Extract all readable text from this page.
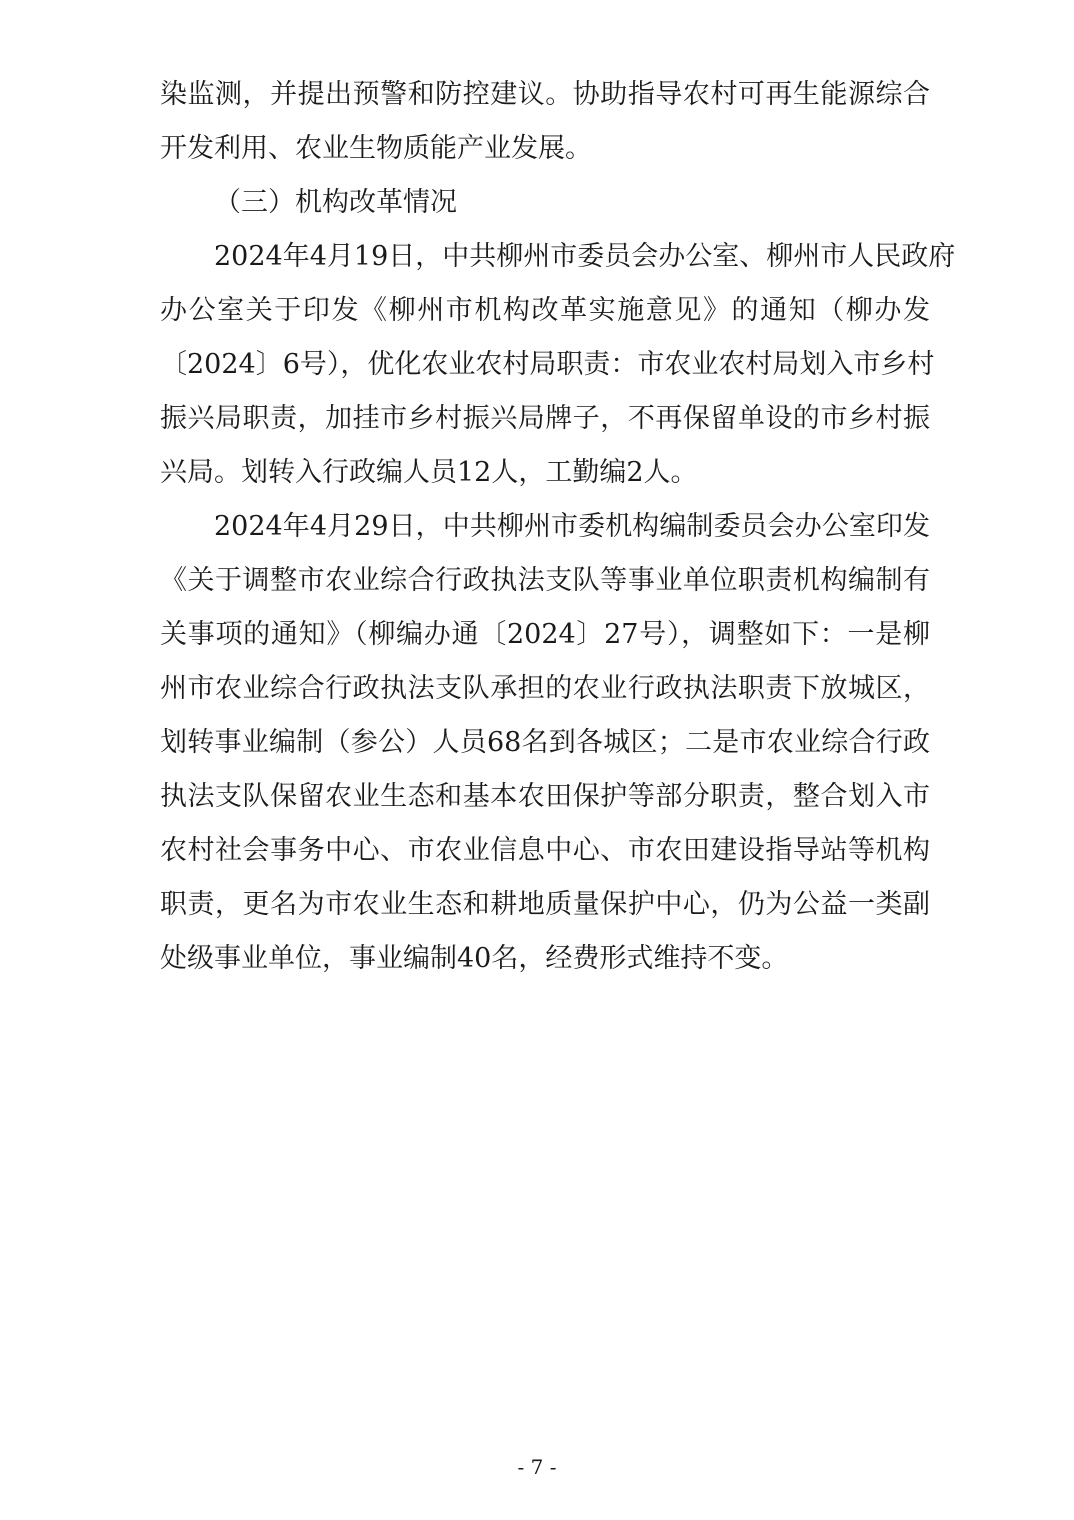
染监测，并提出预警和防控建议。协助指导农村可再生能源综合
开发利用、农业生物质能产业发展。
（三）机构改革情况
2024年4月19日，中共柳州市委员会办公室、柳州市人民政府
办公室关于印发《柳州市机构改革实施意见》的通知（柳办发
〔2024〕6号），优化农业农村局职责：市农业农村局划入市乡村
振兴局职责，加挂市乡村振兴局牌子，不再保留单设的市乡村振
兴局。划转入行政编人员12人，工勤编2人。
2024年4月29日，中共柳州市委机构编制委员会办公室印发
《关于调整市农业综合行政执法支队等事业单位职责机构编制有
关事项的通知》（柳编办通〔2024〕27号），调整如下：一是柳
州市农业综合行政执法支队承担的农业行政执法职责下放城区，
划转事业编制（参公）人员68名到各城区；二是市农业综合行政
执法支队保留农业生态和基本农田保护等部分职责，整合划入市
农村社会事务中心、市农业信息中心、市农田建设指导站等机构
职责，更名为市农业生态和耕地质量保护中心，仍为公益一类副
处级事业单位，事业编制40名，经费形式维持不变。
- 7 -
